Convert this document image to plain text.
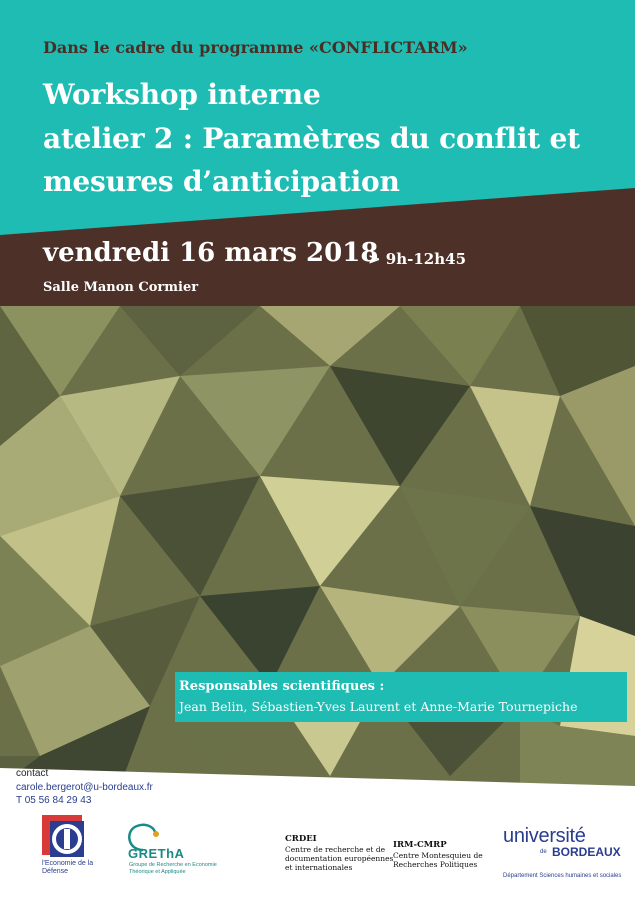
Dans le cadre du programme «CONFLICTARM»
Workshop interne
atelier 2 : Paramètres du conflit et
mesures d’anticipation
vendredi 16 mars 2018
> 9h-12h45
Salle Manon Cormier
Responsables scientifiques :
Jean Belin, Sébastien-Yves Laurent et Anne-Marie Tournepiche
contact
carole.bergerot@u-bordeaux.fr
T 05 56 84 29 43
l'Economie de la Défense
GREThA
Groupe de Recherche en Economie Théorique et Appliquée
CRDEI
Centre de recherche et de documentation européennes et internationales
IRM-CMRP
Centre Montesquieu de Recherches Politiques
université
de BORDEAUX
Département Sciences humaines et sociales
